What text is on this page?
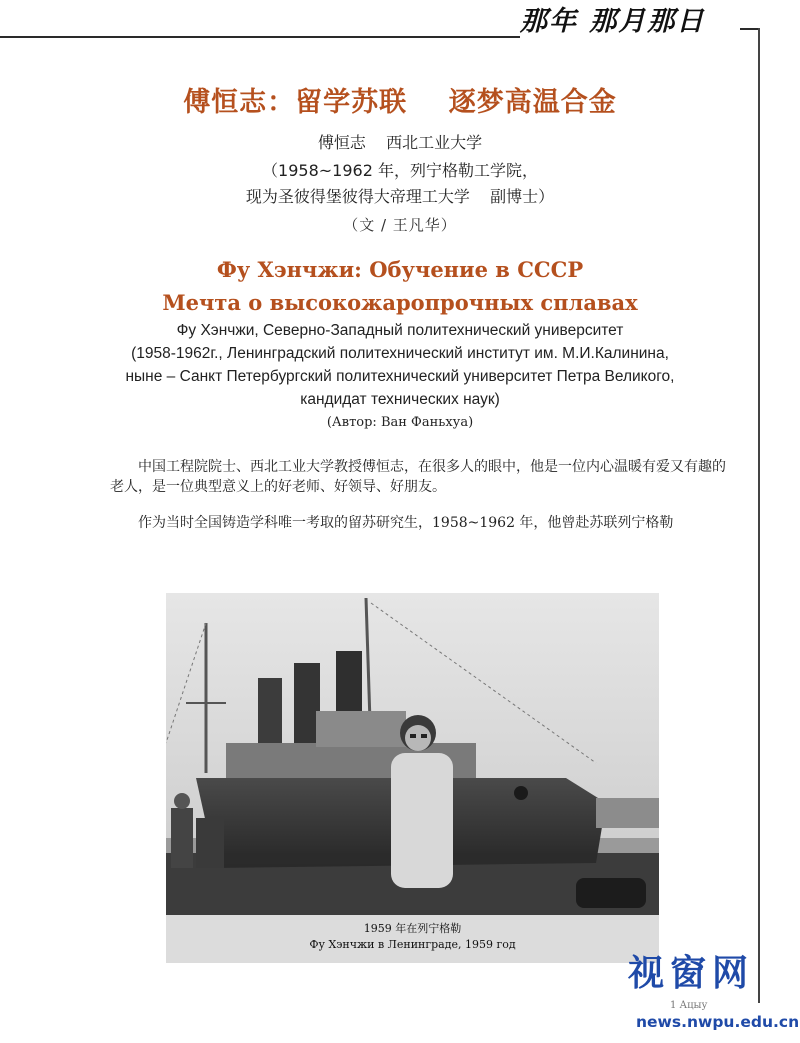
那年 那月那日
傅恒志：留学苏联    逐梦高温合金
傅恒志    西北工业大学
（1958~1962 年，列宁格勒工学院，
现为圣彼得堡彼得大帝理工大学    副博士）
（文 / 王凡华）
Фу Хэнчжи: Обучение в СССР
Мечта о высокожаропрочных сплавах
Фу Хэнчжи, Северно-Западный политехнический университет
(1958-1962г., Ленинградский политехнический институт им. М.И.Калинина,
ныне – Санкт Петербургский политехнический университет Петра Великого,
кандидат технических наук)
(Автор: Ван Фаньхуа)
中国工程院院士、西北工业大学教授傅恒志，在很多人的眼中，他是一位内心温暖有爱又有趣的老人，是一位典型意义上的好老师、好领导、好朋友。
作为当时全国铸造学科唯一考取的留苏研究生，1958~1962 年，他曾赴苏联列宁格勒
1959 年在列宁格勒
Фу Хэнчжи в Ленинграде, 1959 год
1 Ацыу
视窗网
news.nwpu.edu.cn
